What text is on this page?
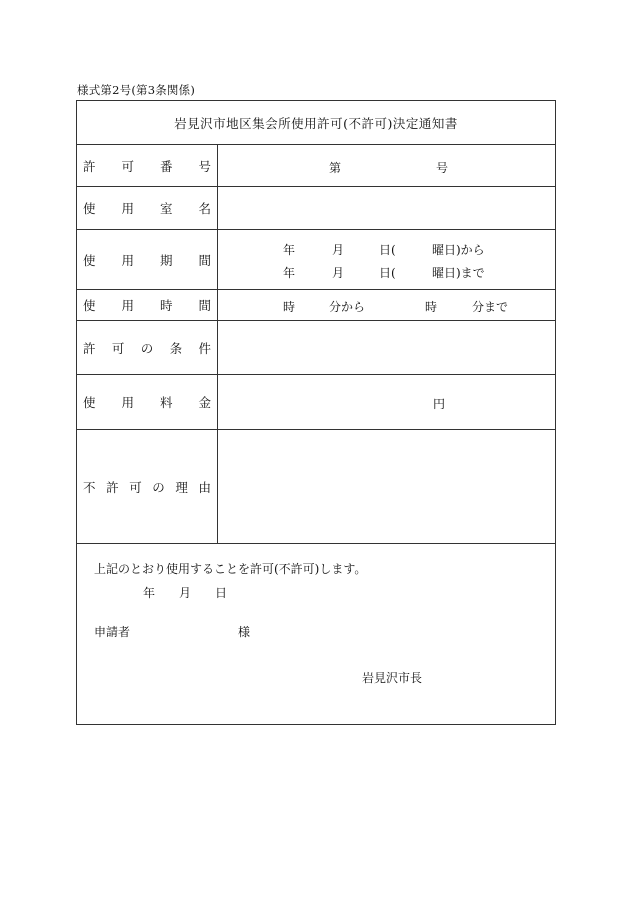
様式第2号(第3条関係)
岩見沢市地区集会所使用許可(不許可)決定通知書
許 可 番 号	第	号
使 用 室 名
使 用 期 間
年	月	日(	曜日)から
年	月	日(	曜日)まで
使 用 時 間	時	分から	時	分まで
許 可 の 条 件
使 用 料 金	円
不 許 可 の 理 由
上記のとおり使用することを許可(不許可)します。
年 月 日
申請者	様
岩見沢市長
